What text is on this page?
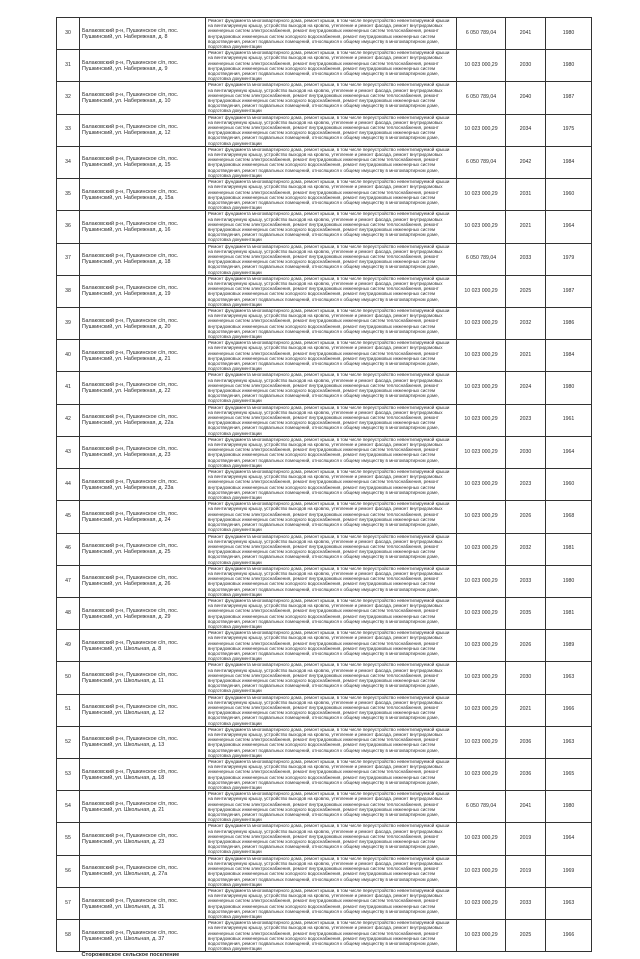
30	Балаковский р-н, Пушкинское с/п, пос. Пушкинский, ул. Набережная, д. 8	Ремонт фундамента многоквартирного дома, ремонт крыши, в том числе переустройство невентилируемой крыши на вентилируемую крышу, устройство выходов на кровлю, утепление и ремонт фасада, ремонт внутридомовых инженерных систем электроснабжения, ремонт внутридомовых инженерных систем теплоснабжения, ремонт внутридомовых инженерных систем холодного водоснабжения, ремонт внутридомовых инженерных систем водоотведения, ремонт подвальных помещений, относящихся к общему имуществу в многоквартирном доме, подготовка документации	6 050 789,04	2041	1980
31	Балаковский р-н, Пушкинское с/п, пос. Пушкинский, ул. Набережная, д. 9	Ремонт фундамента многоквартирного дома, ремонт крыши, в том числе переустройство невентилируемой крыши на вентилируемую крышу, устройство выходов на кровлю, утепление и ремонт фасада, ремонт внутридомовых инженерных систем электроснабжения, ремонт внутридомовых инженерных систем теплоснабжения, ремонт внутридомовых инженерных систем холодного водоснабжения, ремонт внутридомовых инженерных систем водоотведения, ремонт подвальных помещений, относящихся к общему имуществу в многоквартирном доме, подготовка документации	10 023 000,29	2030	1980
32	Балаковский р-н, Пушкинское с/п, пос. Пушкинский, ул. Набережная, д. 10	Ремонт фундамента многоквартирного дома, ремонт крыши, в том числе переустройство невентилируемой крыши на вентилируемую крышу, устройство выходов на кровлю, утепление и ремонт фасада, ремонт внутридомовых инженерных систем электроснабжения, ремонт внутридомовых инженерных систем теплоснабжения, ремонт внутридомовых инженерных систем холодного водоснабжения, ремонт внутридомовых инженерных систем водоотведения, ремонт подвальных помещений, относящихся к общему имуществу в многоквартирном доме, подготовка документации	6 050 789,04	2040	1987
33	Балаковский р-н, Пушкинское с/п, пос. Пушкинский, ул. Набережная, д. 12	Ремонт фундамента многоквартирного дома, ремонт крыши, в том числе переустройство невентилируемой крыши на вентилируемую крышу, устройство выходов на кровлю, утепление и ремонт фасада, ремонт внутридомовых инженерных систем электроснабжения, ремонт внутридомовых инженерных систем теплоснабжения, ремонт внутридомовых инженерных систем холодного водоснабжения, ремонт внутридомовых инженерных систем водоотведения, ремонт подвальных помещений, относящихся к общему имуществу в многоквартирном доме, подготовка документации	10 023 000,29	2034	1975
34	Балаковский р-н, Пушкинское с/п, пос. Пушкинский, ул. Набережная, д. 15	Ремонт фундамента многоквартирного дома, ремонт крыши, в том числе переустройство невентилируемой крыши на вентилируемую крышу, устройство выходов на кровлю, утепление и ремонт фасада, ремонт внутридомовых инженерных систем электроснабжения, ремонт внутридомовых инженерных систем теплоснабжения, ремонт внутридомовых инженерных систем холодного водоснабжения, ремонт внутридомовых инженерных систем водоотведения, ремонт подвальных помещений, относящихся к общему имуществу в многоквартирном доме, подготовка документации	6 050 789,04	2042	1984
35	Балаковский р-н, Пушкинское с/п, пос. Пушкинский, ул. Набережная, д. 15а	Ремонт фундамента многоквартирного дома, ремонт крыши, в том числе переустройство невентилируемой крыши на вентилируемую крышу, устройство выходов на кровлю, утепление и ремонт фасада, ремонт внутридомовых инженерных систем электроснабжения, ремонт внутридомовых инженерных систем теплоснабжения, ремонт внутридомовых инженерных систем холодного водоснабжения, ремонт внутридомовых инженерных систем водоотведения, ремонт подвальных помещений, относящихся к общему имуществу в многоквартирном доме, подготовка документации	10 023 000,29	2031	1960
36	Балаковский р-н, Пушкинское с/п, пос. Пушкинский, ул. Набережная, д. 16	Ремонт фундамента многоквартирного дома, ремонт крыши, в том числе переустройство невентилируемой крыши на вентилируемую крышу, устройство выходов на кровлю, утепление и ремонт фасада, ремонт внутридомовых инженерных систем электроснабжения, ремонт внутридомовых инженерных систем теплоснабжения, ремонт внутридомовых инженерных систем холодного водоснабжения, ремонт внутридомовых инженерных систем водоотведения, ремонт подвальных помещений, относящихся к общему имуществу в многоквартирном доме, подготовка документации	10 023 000,29	2021	1964
37	Балаковский р-н, Пушкинское с/п, пос. Пушкинский, ул. Набережная, д. 18	Ремонт фундамента многоквартирного дома, ремонт крыши, в том числе переустройство невентилируемой крыши на вентилируемую крышу, устройство выходов на кровлю, утепление и ремонт фасада, ремонт внутридомовых инженерных систем электроснабжения, ремонт внутридомовых инженерных систем теплоснабжения, ремонт внутридомовых инженерных систем холодного водоснабжения, ремонт внутридомовых инженерных систем водоотведения, ремонт подвальных помещений, относящихся к общему имуществу в многоквартирном доме, подготовка документации	6 050 789,04	2033	1979
38	Балаковский р-н, Пушкинское с/п, пос. Пушкинский, ул. Набережная, д. 19	Ремонт фундамента многоквартирного дома, ремонт крыши, в том числе переустройство невентилируемой крыши на вентилируемую крышу, устройство выходов на кровлю, утепление и ремонт фасада, ремонт внутридомовых инженерных систем электроснабжения, ремонт внутридомовых инженерных систем теплоснабжения, ремонт внутридомовых инженерных систем холодного водоснабжения, ремонт внутридомовых инженерных систем водоотведения, ремонт подвальных помещений, относящихся к общему имуществу в многоквартирном доме, подготовка документации	10 023 000,29	2025	1987
39	Балаковский р-н, Пушкинское с/п, пос. Пушкинский, ул. Набережная, д. 20	Ремонт фундамента многоквартирного дома, ремонт крыши, в том числе переустройство невентилируемой крыши на вентилируемую крышу, устройство выходов на кровлю, утепление и ремонт фасада, ремонт внутридомовых инженерных систем электроснабжения, ремонт внутридомовых инженерных систем теплоснабжения, ремонт внутридомовых инженерных систем холодного водоснабжения, ремонт внутридомовых инженерных систем водоотведения, ремонт подвальных помещений, относящихся к общему имуществу в многоквартирном доме, подготовка документации	10 023 000,29	2032	1986
40	Балаковский р-н, Пушкинское с/п, пос. Пушкинский, ул. Набережная, д. 21	Ремонт фундамента многоквартирного дома, ремонт крыши, в том числе переустройство невентилируемой крыши на вентилируемую крышу, устройство выходов на кровлю, утепление и ремонт фасада, ремонт внутридомовых инженерных систем электроснабжения, ремонт внутридомовых инженерных систем теплоснабжения, ремонт внутридомовых инженерных систем холодного водоснабжения, ремонт внутридомовых инженерных систем водоотведения, ремонт подвальных помещений, относящихся к общему имуществу в многоквартирном доме, подготовка документации	10 023 000,29	2021	1984
41	Балаковский р-н, Пушкинское с/п, пос. Пушкинский, ул. Набережная, д. 22	Ремонт фундамента многоквартирного дома, ремонт крыши, в том числе переустройство невентилируемой крыши на вентилируемую крышу, устройство выходов на кровлю, утепление и ремонт фасада, ремонт внутридомовых инженерных систем электроснабжения, ремонт внутридомовых инженерных систем теплоснабжения, ремонт внутридомовых инженерных систем холодного водоснабжения, ремонт внутридомовых инженерных систем водоотведения, ремонт подвальных помещений, относящихся к общему имуществу в многоквартирном доме, подготовка документации	10 023 000,29	2024	1980
42	Балаковский р-н, Пушкинское с/п, пос. Пушкинский, ул. Набережная, д. 22а	Ремонт фундамента многоквартирного дома, ремонт крыши, в том числе переустройство невентилируемой крыши на вентилируемую крышу, устройство выходов на кровлю, утепление и ремонт фасада, ремонт внутридомовых инженерных систем электроснабжения, ремонт внутридомовых инженерных систем теплоснабжения, ремонт внутридомовых инженерных систем холодного водоснабжения, ремонт внутридомовых инженерных систем водоотведения, ремонт подвальных помещений, относящихся к общему имуществу в многоквартирном доме, подготовка документации	10 023 000,29	2023	1961
43	Балаковский р-н, Пушкинское с/п, пос. Пушкинский, ул. Набережная, д. 23	Ремонт фундамента многоквартирного дома, ремонт крыши, в том числе переустройство невентилируемой крыши на вентилируемую крышу, устройство выходов на кровлю, утепление и ремонт фасада, ремонт внутридомовых инженерных систем электроснабжения, ремонт внутридомовых инженерных систем теплоснабжения, ремонт внутридомовых инженерных систем холодного водоснабжения, ремонт внутридомовых инженерных систем водоотведения, ремонт подвальных помещений, относящихся к общему имуществу в многоквартирном доме, подготовка документации	10 023 000,29	2030	1964
44	Балаковский р-н, Пушкинское с/п, пос. Пушкинский, ул. Набережная, д. 23а	Ремонт фундамента многоквартирного дома, ремонт крыши, в том числе переустройство невентилируемой крыши на вентилируемую крышу, устройство выходов на кровлю, утепление и ремонт фасада, ремонт внутридомовых инженерных систем электроснабжения, ремонт внутридомовых инженерных систем теплоснабжения, ремонт внутридомовых инженерных систем холодного водоснабжения, ремонт внутридомовых инженерных систем водоотведения, ремонт подвальных помещений, относящихся к общему имуществу в многоквартирном доме, подготовка документации	10 023 000,29	2023	1960
45	Балаковский р-н, Пушкинское с/п, пос. Пушкинский, ул. Набережная, д. 24	Ремонт фундамента многоквартирного дома, ремонт крыши, в том числе переустройство невентилируемой крыши на вентилируемую крышу, устройство выходов на кровлю, утепление и ремонт фасада, ремонт внутридомовых инженерных систем электроснабжения, ремонт внутридомовых инженерных систем теплоснабжения, ремонт внутридомовых инженерных систем холодного водоснабжения, ремонт внутридомовых инженерных систем водоотведения, ремонт подвальных помещений, относящихся к общему имуществу в многоквартирном доме, подготовка документации	10 023 000,29	2026	1968
46	Балаковский р-н, Пушкинское с/п, пос. Пушкинский, ул. Набережная, д. 25	Ремонт фундамента многоквартирного дома, ремонт крыши, в том числе переустройство невентилируемой крыши на вентилируемую крышу, устройство выходов на кровлю, утепление и ремонт фасада, ремонт внутридомовых инженерных систем электроснабжения, ремонт внутридомовых инженерных систем теплоснабжения, ремонт внутридомовых инженерных систем холодного водоснабжения, ремонт внутридомовых инженерных систем водоотведения, ремонт подвальных помещений, относящихся к общему имуществу в многоквартирном доме, подготовка документации	10 023 000,29	2032	1981
47	Балаковский р-н, Пушкинское с/п, пос. Пушкинский, ул. Набережная, д. 26	Ремонт фундамента многоквартирного дома, ремонт крыши, в том числе переустройство невентилируемой крыши на вентилируемую крышу, устройство выходов на кровлю, утепление и ремонт фасада, ремонт внутридомовых инженерных систем электроснабжения, ремонт внутридомовых инженерных систем теплоснабжения, ремонт внутридомовых инженерных систем холодного водоснабжения, ремонт внутридомовых инженерных систем водоотведения, ремонт подвальных помещений, относящихся к общему имуществу в многоквартирном доме, подготовка документации	10 023 000,29	2033	1980
48	Балаковский р-н, Пушкинское с/п, пос. Пушкинский, ул. Набережная, д. 29	Ремонт фундамента многоквартирного дома, ремонт крыши, в том числе переустройство невентилируемой крыши на вентилируемую крышу, устройство выходов на кровлю, утепление и ремонт фасада, ремонт внутридомовых инженерных систем электроснабжения, ремонт внутридомовых инженерных систем теплоснабжения, ремонт внутридомовых инженерных систем холодного водоснабжения, ремонт внутридомовых инженерных систем водоотведения, ремонт подвальных помещений, относящихся к общему имуществу в многоквартирном доме, подготовка документации	10 023 000,29	2035	1981
49	Балаковский р-н, Пушкинское с/п, пос. Пушкинский, ул. Школьная, д. 8	Ремонт фундамента многоквартирного дома, ремонт крыши, в том числе переустройство невентилируемой крыши на вентилируемую крышу, устройство выходов на кровлю, утепление и ремонт фасада, ремонт внутридомовых инженерных систем электроснабжения, ремонт внутридомовых инженерных систем теплоснабжения, ремонт внутридомовых инженерных систем холодного водоснабжения, ремонт внутридомовых инженерных систем водоотведения, ремонт подвальных помещений, относящихся к общему имуществу в многоквартирном доме, подготовка документации	10 023 000,29	2026	1989
50	Балаковский р-н, Пушкинское с/п, пос. Пушкинский, ул. Школьная, д. 11	Ремонт фундамента многоквартирного дома, ремонт крыши, в том числе переустройство невентилируемой крыши на вентилируемую крышу, устройство выходов на кровлю, утепление и ремонт фасада, ремонт внутридомовых инженерных систем электроснабжения, ремонт внутридомовых инженерных систем теплоснабжения, ремонт внутридомовых инженерных систем холодного водоснабжения, ремонт внутридомовых инженерных систем водоотведения, ремонт подвальных помещений, относящихся к общему имуществу в многоквартирном доме, подготовка документации	10 023 000,29	2030	1963
51	Балаковский р-н, Пушкинское с/п, пос. Пушкинский, ул. Школьная, д. 12	Ремонт фундамента многоквартирного дома, ремонт крыши, в том числе переустройство невентилируемой крыши на вентилируемую крышу, устройство выходов на кровлю, утепление и ремонт фасада, ремонт внутридомовых инженерных систем электроснабжения, ремонт внутридомовых инженерных систем теплоснабжения, ремонт внутридомовых инженерных систем холодного водоснабжения, ремонт внутридомовых инженерных систем водоотведения, ремонт подвальных помещений, относящихся к общему имуществу в многоквартирном доме, подготовка документации	10 023 000,29	2021	1966
52	Балаковский р-н, Пушкинское с/п, пос. Пушкинский, ул. Школьная, д. 13	Ремонт фундамента многоквартирного дома, ремонт крыши, в том числе переустройство невентилируемой крыши на вентилируемую крышу, устройство выходов на кровлю, утепление и ремонт фасада, ремонт внутридомовых инженерных систем электроснабжения, ремонт внутридомовых инженерных систем теплоснабжения, ремонт внутридомовых инженерных систем холодного водоснабжения, ремонт внутридомовых инженерных систем водоотведения, ремонт подвальных помещений, относящихся к общему имуществу в многоквартирном доме, подготовка документации	10 023 000,29	2036	1963
53	Балаковский р-н, Пушкинское с/п, пос. Пушкинский, ул. Школьная, д. 18	Ремонт фундамента многоквартирного дома, ремонт крыши, в том числе переустройство невентилируемой крыши на вентилируемую крышу, устройство выходов на кровлю, утепление и ремонт фасада, ремонт внутридомовых инженерных систем электроснабжения, ремонт внутридомовых инженерных систем теплоснабжения, ремонт внутридомовых инженерных систем холодного водоснабжения, ремонт внутридомовых инженерных систем водоотведения, ремонт подвальных помещений, относящихся к общему имуществу в многоквартирном доме, подготовка документации	10 023 000,29	2036	1965
54	Балаковский р-н, Пушкинское с/п, пос. Пушкинский, ул. Школьная, д. 21	Ремонт фундамента многоквартирного дома, ремонт крыши, в том числе переустройство невентилируемой крыши на вентилируемую крышу, устройство выходов на кровлю, утепление и ремонт фасада, ремонт внутридомовых инженерных систем электроснабжения, ремонт внутридомовых инженерных систем теплоснабжения, ремонт внутридомовых инженерных систем холодного водоснабжения, ремонт внутридомовых инженерных систем водоотведения, ремонт подвальных помещений, относящихся к общему имуществу в многоквартирном доме, подготовка документации	6 050 789,04	2041	1980
55	Балаковский р-н, Пушкинское с/п, пос. Пушкинский, ул. Школьная, д. 23	Ремонт фундамента многоквартирного дома, ремонт крыши, в том числе переустройство невентилируемой крыши на вентилируемую крышу, устройство выходов на кровлю, утепление и ремонт фасада, ремонт внутридомовых инженерных систем электроснабжения, ремонт внутридомовых инженерных систем теплоснабжения, ремонт внутридомовых инженерных систем холодного водоснабжения, ремонт внутридомовых инженерных систем водоотведения, ремонт подвальных помещений, относящихся к общему имуществу в многоквартирном доме, подготовка документации	10 023 000,29	2019	1964
56	Балаковский р-н, Пушкинское с/п, пос. Пушкинский, ул. Школьная, д. 27а	Ремонт фундамента многоквартирного дома, ремонт крыши, в том числе переустройство невентилируемой крыши на вентилируемую крышу, устройство выходов на кровлю, утепление и ремонт фасада, ремонт внутридомовых инженерных систем электроснабжения, ремонт внутридомовых инженерных систем теплоснабжения, ремонт внутридомовых инженерных систем холодного водоснабжения, ремонт внутридомовых инженерных систем водоотведения, ремонт подвальных помещений, относящихся к общему имуществу в многоквартирном доме, подготовка документации	10 023 000,29	2019	1969
57	Балаковский р-н, Пушкинское с/п, пос. Пушкинский, ул. Школьная, д. 31	Ремонт фундамента многоквартирного дома, ремонт крыши, в том числе переустройство невентилируемой крыши на вентилируемую крышу, устройство выходов на кровлю, утепление и ремонт фасада, ремонт внутридомовых инженерных систем электроснабжения, ремонт внутридомовых инженерных систем теплоснабжения, ремонт внутридомовых инженерных систем холодного водоснабжения, ремонт внутридомовых инженерных систем водоотведения, ремонт подвальных помещений, относящихся к общему имуществу в многоквартирном доме, подготовка документации	10 023 000,29	2033	1963
58	Балаковский р-н, Пушкинское с/п, пос. Пушкинский, ул. Школьная, д. 37	Ремонт фундамента многоквартирного дома, ремонт крыши, в том числе переустройство невентилируемой крыши на вентилируемую крышу, устройство выходов на кровлю, утепление и ремонт фасада, ремонт внутридомовых инженерных систем электроснабжения, ремонт внутридомовых инженерных систем теплоснабжения, ремонт внутридомовых инженерных систем холодного водоснабжения, ремонт внутридомовых инженерных систем водоотведения, ремонт подвальных помещений, относящихся к общему имуществу в многоквартирном доме, подготовка документации	10 023 000,29	2025	1966
	Сторожевское сельское поселение				
